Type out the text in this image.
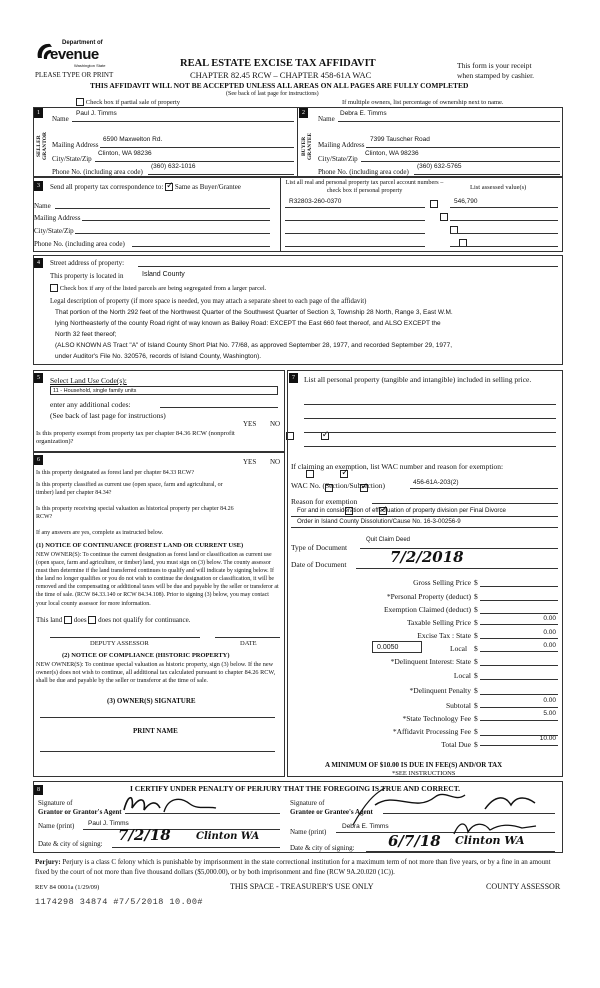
Department of
evenue
Washington State
PLEASE TYPE OR PRINT
REAL ESTATE EXCISE TAX AFFIDAVIT
CHAPTER 82.45 RCW – CHAPTER 458-61A WAC
This form is your receipt
when stamped by cashier.
THIS AFFIDAVIT WILL NOT BE ACCEPTED UNLESS ALL AREAS ON ALL PAGES ARE FULLY COMPLETED
(See back of last page for instructions)
Check box if partial sale of property	If multiple owners, list percentage of ownership next to name.
1
SELLER GRANTOR
Name
Paul J. Timms
Mailing Address
6590 Maxwelton Rd.
City/State/Zip
Clinton, WA 98236
Phone No. (including area code)
(360) 632-1016
2
BUYER GRANTEE
Name
Debra E. Timms
Mailing Address
7399 Tauscher Road
City/State/Zip
Clinton, WA 98236
Phone No. (including area code)
(360) 632-5765
3	Send all property tax correspondence to: ✓ Same as Buyer/Grantee
Name
Mailing Address
City/State/Zip
Phone No. (including area code)
List all real and personal property tax parcel account numbers – check box if personal property	List assessed value(s)
R32803-260-0370
	546,790

4	Street address of property:
This property is located in	Island County
Check box if any of the listed parcels are being segregated from a larger parcel.
Legal description of property (if more space is needed, you may attach a separate sheet to each page of the affidavit)
That portion of the North 292 feet of the Northwest Quarter of the Southwest Quarter of Section 3, Township 28 North, Range 3, East W.M.
lying Northeasterly of the county Road right of way known as Bailey Road: EXCEPT the East 660 feet thereof, and ALSO EXCEPT the
North 32 feet thereof;
(ALSO KNOWN AS Tract "A" of Island County Short Plat No. 77/68, as approved September 28, 1977, and recorded September 29, 1977,
under Auditor's File No. 320576, records of Island County, Washington).
5	Select Land Use Code(s):
11 - Household, single family units
enter any additional codes:
(See back of last page for instructions)
YES NO
Is this property exempt from property tax per chapter 84.36 RCW (nonprofit organization)?
✓
6	YES NO
Is this property designated as forest land per chapter 84.33 RCW?
✓
Is this property classified as current use (open space, farm and agricultural, or timber) land per chapter 84.34?
✓
Is this property receiving special valuation as historical property per chapter 84.26 RCW?
✓
If any answers are yes, complete as instructed below.
(1) NOTICE OF CONTINUANCE (FOREST LAND OR CURRENT USE)
NEW OWNER(S): To continue the current designation as forest land or classification as current use (open space, farm and agriculture, or timber) land, you must sign on (3) below. The county assessor must then determine if the land transferred continues to qualify and will indicate by signing below. If the land no longer qualifies or you do not wish to continue the designation or classification, it will be removed and the compensating or additional taxes will be due and payable by the seller or transferor at the time of sale. (RCW 84.33.140 or RCW 84.34.108). Prior to signing (3) below, you may contact your local county assessor for more information.
This land does does not qualify for continuance.
DEPUTY ASSESSOR	DATE
(2) NOTICE OF COMPLIANCE (HISTORIC PROPERTY)
NEW OWNER(S): To continue special valuation as historic property, sign (3) below. If the new owner(s) does not wish to continue, all additional tax calculated pursuant to chapter 84.26 RCW, shall be due and payable by the seller or transferor at the time of sale.
(3) OWNER(S) SIGNATURE
PRINT NAME
7	List all personal property (tangible and intangible) included in selling price.
If claiming an exemption, list WAC number and reason for exemption:
WAC No. (Section/Subsection)	456-61A-203(2)
Reason for exemption
For and in consideration of effectuation of property division per Final Divorce
Order in Island County Dissolution/Cause No. 16-3-00256-9
Type of Document
Quit Claim Deed
Date of Document	7/2/2018
Gross Selling Price $
*Personal Property (deduct) $
Exemption Claimed (deduct) $
Taxable Selling Price $	0.00
Excise Tax : State $	0.00
0.0050	Local $	0.00
*Delinquent Interest: State $
Local $
*Delinquent Penalty $
Subtotal $
0.00
*State Technology Fee $
5.00
*Affidavit Processing Fee $
Total Due $
10.00
A MINIMUM OF $10.00 IS DUE IN FEE(S) AND/OR TAX
*SEE INSTRUCTIONS
8	I CERTIFY UNDER PENALTY OF PERJURY THAT THE FOREGOING IS TRUE AND CORRECT.
Signature of
Grantor or Grantor's Agent
Name (print)	Paul J. Timms
Date & city of signing: 7/2/18	Clinton WA
Signature of
Grantee or Grantee's Agent
Name (print)
Debra E. Timms
Date & city of signing: 6/7/18 Clinton WA
Perjury: Perjury is a class C felony which is punishable by imprisonment in the state correctional institution for a maximum term of not more than five years, or by a fine in an amount fixed by the court of not more than five thousand dollars ($5,000.00), or by both imprisonment and fine (RCW 9A.20.020 (1C)).
REV 84 0001a (1/29/09)	THIS SPACE - TREASURER'S USE ONLY	COUNTY ASSESSOR
1174298 34874 #7/5/2018 10.00#
